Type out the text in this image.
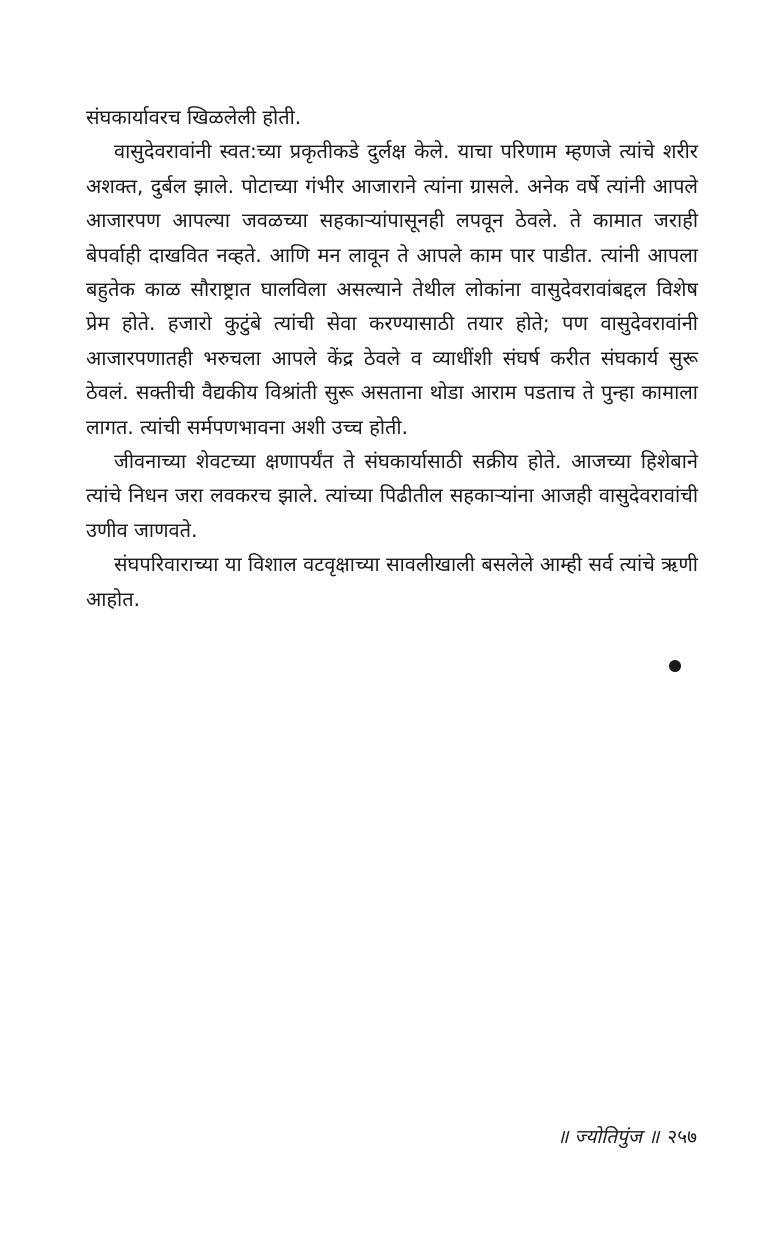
संघकार्यावरच खिळलेली होती.

वासुदेवरावांनी स्वत:च्या प्रकृतीकडे दुर्लक्ष केले. याचा परिणाम म्हणजे त्यांचे शरीर अशक्त, दुर्बल झाले. पोटाच्या गंभीर आजाराने त्यांना ग्रासले. अनेक वर्षे त्यांनी आपले आजारपण आपल्या जवळच्या सहकाऱ्यांपासूनही लपवून ठेवले. ते कामात जराही बेपर्वाही दाखवित नव्हते. आणि मन लावून ते आपले काम पार पाडीत. त्यांनी आपला बहुतेक काळ सौराष्ट्रात घालविला असल्याने तेथील लोकांना वासुदेवरावांबद्दल विशेष प्रेम होते. हजारो कुटुंबे त्यांची सेवा करण्यासाठी तयार होते; पण वासुदेवरावांनी आजारपणातही भरुचला आपले केंद्र ठेवले व व्याधींशी संघर्ष करीत संघकार्य सुरू ठेवलं. सक्तीची वैद्यकीय विश्रांती सुरू असताना थोडा आराम पडताच ते पुन्हा कामाला लागत. त्यांची सर्मपणभावना अशी उच्च होती.

जीवनाच्या शेवटच्या क्षणापर्यंत ते संघकार्यासाठी सक्रीय होते. आजच्या हिशेबाने त्यांचे निधन जरा लवकरच झाले. त्यांच्या पिढीतील सहकाऱ्यांना आजही वासुदेवरावांची उणीव जाणवते.

संघपरिवाराच्या या विशाल वटवृक्षाच्या सावलीखाली बसलेले आम्ही सर्व त्यांचे ऋणी आहोत.

॥ ज्योतिपुंज ॥ २५७
